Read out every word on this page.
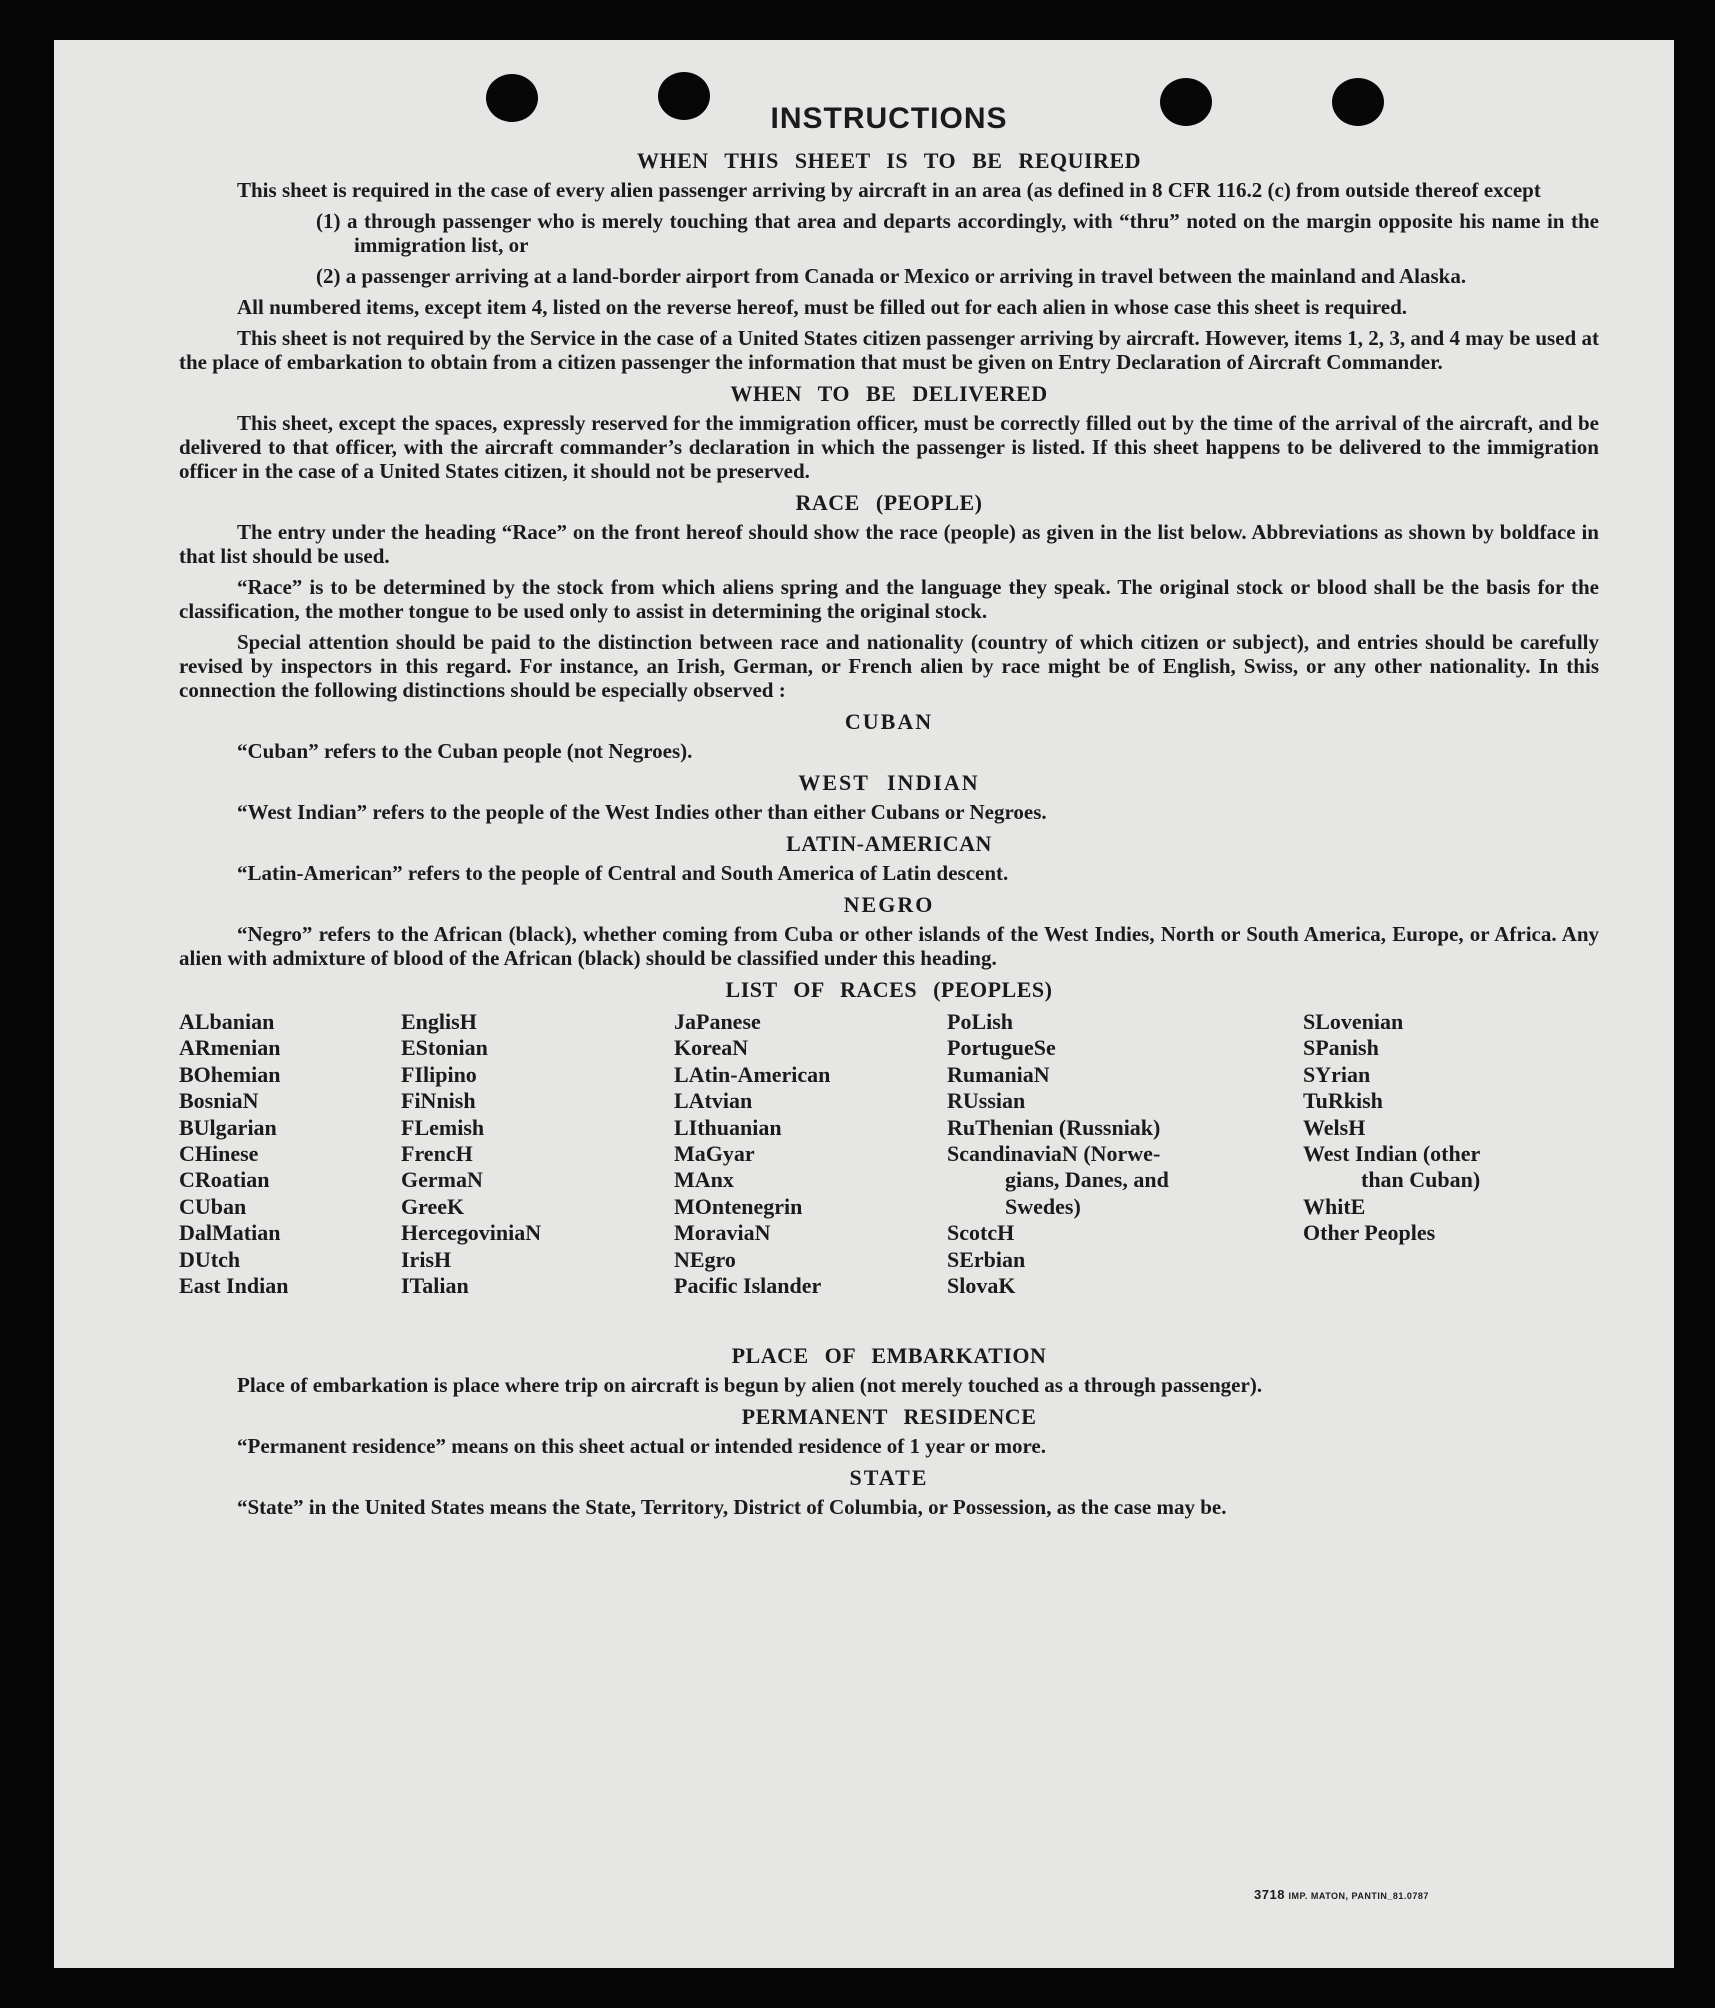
INSTRUCTIONS
WHEN THIS SHEET IS TO BE REQUIRED

This sheet is required in the case of every alien passenger arriving by aircraft in an area (as defined in 8 CFR 116.2 (c) from outside thereof except

(1) a through passenger who is merely touching that area and departs accordingly, with “thru” noted on the margin opposite his name in the immigration list, or

(2) a passenger arriving at a land-border airport from Canada or Mexico or arriving in travel between the mainland and Alaska.

All numbered items, except item 4, listed on the reverse hereof, must be filled out for each alien in whose case this sheet is required.

This sheet is not required by the Service in the case of a United States citizen passenger arriving by aircraft. However, items 1, 2, 3, and 4 may be used at the place of embarkation to obtain from a citizen passenger the information that must be given on Entry Declaration of Aircraft Commander.

WHEN TO BE DELIVERED

This sheet, except the spaces, expressly reserved for the immigration officer, must be correctly filled out by the time of the arrival of the aircraft, and be delivered to that officer, with the aircraft commander’s declaration in which the passenger is listed. If this sheet happens to be delivered to the immigration officer in the case of a United States citizen, it should not be preserved.

RACE (PEOPLE)

The entry under the heading “Race” on the front hereof should show the race (people) as given in the list below. Abbreviations as shown by boldface in that list should be used.

“Race” is to be determined by the stock from which aliens spring and the language they speak. The original stock or blood shall be the basis for the classification, the mother tongue to be used only to assist in determining the original stock.

Special attention should be paid to the distinction between race and nationality (country of which citizen or subject), and entries should be carefully revised by inspectors in this regard. For instance, an Irish, German, or French alien by race might be of English, Swiss, or any other nationality. In this connection the following distinctions should be especially observed :

CUBAN

“Cuban” refers to the Cuban people (not Negroes).

WEST INDIAN

“West Indian” refers to the people of the West Indies other than either Cubans or Negroes.

LATIN-AMERICAN

“Latin-American” refers to the people of Central and South America of Latin descent.

NEGRO

“Negro” refers to the African (black), whether coming from Cuba or other islands of the West Indies, North or South America, Europe, or Africa. Any alien with admixture of blood of the African (black) should be classified under this heading.

LIST OF RACES (PEOPLES)
ALbanian
ARmenian
BOhemian
BosniaN
BUlgarian
CHinese
CRoatian
CUban
DalMatian
DUtch
East Indian
EnglisH
EStonian
FIlipino
FiNnish
FLemish
FrencH
GermaN
GreeK
HercegoviniaN
IrisH
ITalian
JaPanese
KoreaN
LAtin-American
LAtvian
LIthuanian
MaGyar
MAnx
MOntenegrin
MoraviaN
NEgro
Pacific Islander
PoLish
PortugueSe
RumaniaN
RUssian
RuThenian (Russniak)
ScandinaviaN (Norwe-
gians, Danes, and
Swedes)
ScotcH
SErbian
SlovaK
SLovenian
SPanish
SYrian
TuRkish
WelsH
West Indian (other
than Cuban)
WhitE
Other Peoples
PLACE OF EMBARKATION

Place of embarkation is place where trip on aircraft is begun by alien (not merely touched as a through passenger).

PERMANENT RESIDENCE

“Permanent residence” means on this sheet actual or intended residence of 1 year or more.

STATE

“State” in the United States means the State, Territory, District of Columbia, or Possession, as the case may be.

3718 IMP. MATON, PANTIN_81.0787
